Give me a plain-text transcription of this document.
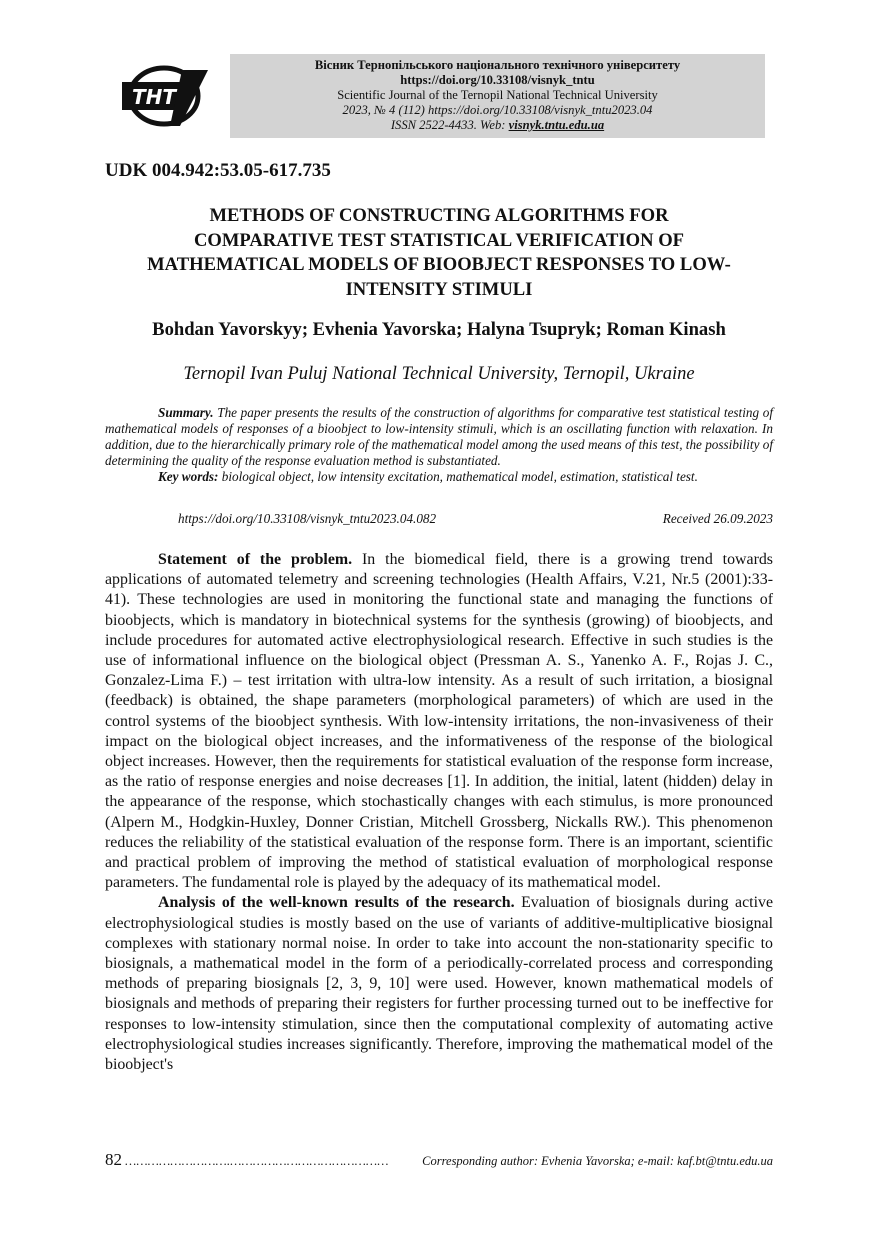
ТНТ
Вісник Тернопільського національного технічного університету
https://doi.org/10.33108/visnyk_tntu
Scientific Journal of the Ternopil National Technical University
2023, № 4 (112) https://doi.org/10.33108/visnyk_tntu2023.04
ISSN 2522-4433. Web: visnyk.tntu.edu.ua
UDK 004.942:53.05-617.735
METHODS OF CONSTRUCTING ALGORITHMS FOR
COMPARATIVE TEST STATISTICAL VERIFICATION OF
MATHEMATICAL MODELS OF BIOOBJECT RESPONSES TO LOW-
INTENSITY STIMULI
Bohdan Yavorskyy; Evhenia Yavorska; Halyna Tsupryk; Roman Kinash
Ternopil Ivan Puluj National Technical University, Ternopil, Ukraine

Summary. The paper presents the results of the construction of algorithms for comparative test statistical testing of mathematical models of responses of a bioobject to low-intensity stimuli, which is an oscillating function with relaxation. In addition, due to the hierarchically primary role of the mathematical model among the used means of this test, the possibility of determining the quality of the response evaluation method is substantiated.

Key words: biological object, low intensity excitation, mathematical model, estimation, statistical test.

https://doi.org/10.33108/visnyk_tntu2023.04.082	Received 26.09.2023

Statement of the problem. In the biomedical field, there is a growing trend towards applications of automated telemetry and screening technologies (Health Affairs, V.21, Nr.5 (2001):33-41). These technologies are used in monitoring the functional state and managing the functions of bioobjects, which is mandatory in biotechnical systems for the synthesis (growing) of bioobjects, and include procedures for automated active electrophysiological research. Effective in such studies is the use of informational influence on the biological object (Pressman A. S., Yanenko A. F., Rojas J. C., Gonzalez-Lima F.) – test irritation with ultra-low intensity. As a result of such irritation, a biosignal (feedback) is obtained, the shape parameters (morphological parameters) of which are used in the control systems of the bioobject synthesis. With low-intensity irritations, the non-invasiveness of their impact on the biological object increases, and the informativeness of the response of the biological object increases. However, then the requirements for statistical evaluation of the response form increase, as the ratio of response energies and noise decreases [1]. In addition, the initial, latent (hidden) delay in the appearance of the response, which stochastically changes with each stimulus, is more pronounced (Alpern M., Hodgkin-Huxley, Donner Cristian, Mitchell Grossberg, Nickalls RW.). This phenomenon reduces the reliability of the statistical evaluation of the response form. There is an important, scientific and practical problem of improving the method of statistical evaluation of morphological response parameters. The fundamental role is played by the adequacy of its mathematical model.

Analysis of the well-known results of the research. Evaluation of biosignals during active electrophysiological studies is mostly based on the use of variants of additive-multiplicative biosignal complexes with stationary normal noise. In order to take into account the non-stationarity specific to biosignals, a mathematical model in the form of a periodically-correlated process and corresponding methods of preparing biosignals [2, 3, 9, 10] were used. However, known mathematical models of biosignals and methods of preparing their registers for further processing turned out to be ineffective for responses to low-intensity stimulation, since then the computational complexity of automating active electrophysiological studies increases significantly. Therefore, improving the mathematical model of the bioobject's

82 ……………………….……………………………………	Corresponding author: Evhenia Yavorska; e-mail: kaf.bt@tntu.edu.ua
